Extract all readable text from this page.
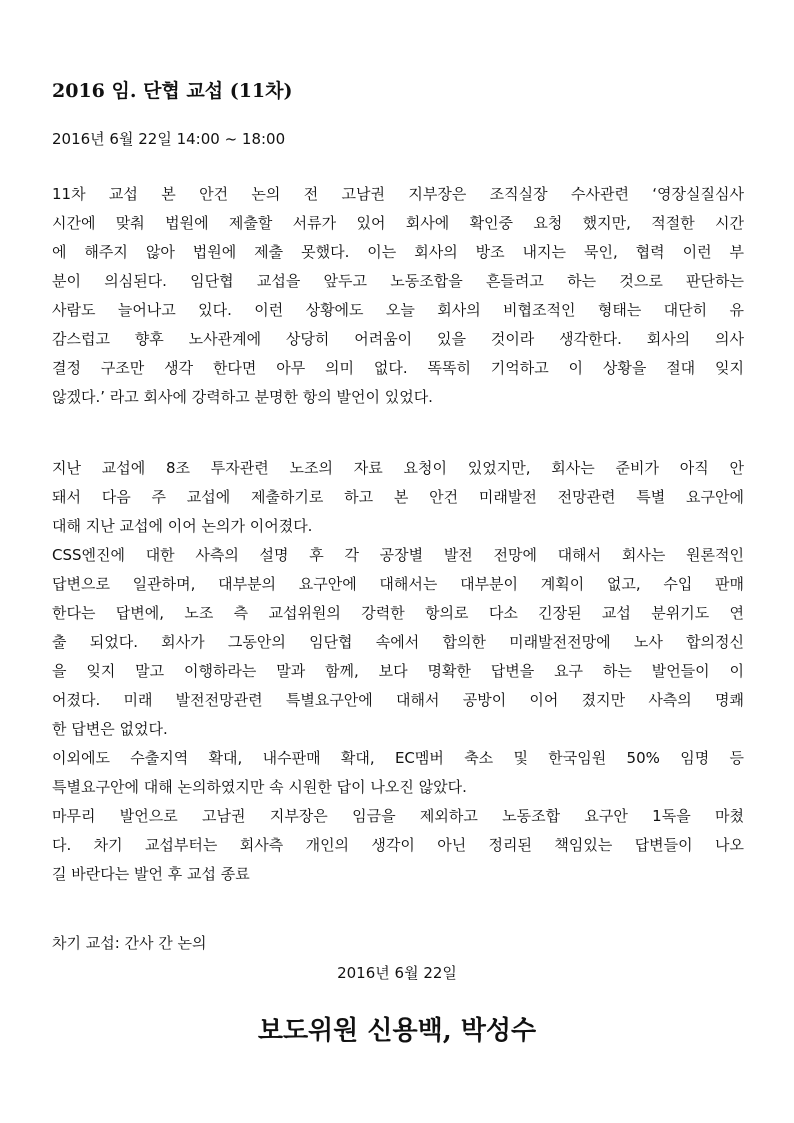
2016 임. 단협 교섭 (11차)

2016년 6월 22일 14:00 ~ 18:00

11차 교섭 본 안건 논의 전 고남권 지부장은 조직실장 수사관련 ‘영장실질심사
시간에 맞춰 법원에 제출할 서류가 있어 회사에 확인중 요청 했지만, 적절한 시간
에 해주지 않아 법원에 제출 못했다. 이는 회사의 방조 내지는 묵인, 협력 이런 부
분이 의심된다. 임단협 교섭을 앞두고 노동조합을 흔들려고 하는 것으로 판단하는
사람도 늘어나고 있다. 이런 상황에도 오늘 회사의 비협조적인 형태는 대단히 유
감스럽고 향후 노사관계에 상당히 어려움이 있을 것이라 생각한다. 회사의 의사
결정 구조만 생각 한다면 아무 의미 없다. 똑똑히 기억하고 이 상황을 절대 잊지
않겠다.’ 라고 회사에 강력하고 분명한 항의 발언이 있었다.
지난 교섭에 8조 투자관련 노조의 자료 요청이 있었지만, 회사는 준비가 아직 안
돼서 다음 주 교섭에 제출하기로 하고 본 안건 미래발전 전망관련 특별 요구안에
대해 지난 교섭에 이어 논의가 이어졌다.
CSS엔진에 대한 사측의 설명 후 각 공장별 발전 전망에 대해서 회사는 원론적인
답변으로 일관하며, 대부분의 요구안에 대해서는 대부분이 계획이 없고, 수입 판매
한다는 답변에, 노조 측 교섭위원의 강력한 항의로 다소 긴장된 교섭 분위기도 연
출 되었다. 회사가 그동안의 임단협 속에서 합의한 미래발전전망에 노사 합의정신
을 잊지 말고 이행하라는 말과 함께, 보다 명확한 답변을 요구 하는 발언들이 이
어졌다. 미래 발전전망관련 특별요구안에 대해서 공방이 이어 졌지만 사측의 명쾌
한 답변은 없었다.
이외에도 수출지역 확대, 내수판매 확대, EC멤버 축소 및 한국임원 50% 임명 등
특별요구안에 대해 논의하였지만 속 시원한 답이 나오진 않았다.
마무리 발언으로 고남권 지부장은 임금을 제외하고 노동조합 요구안 1독을 마쳤
다. 차기 교섭부터는 회사측 개인의 생각이 아닌 정리된 책임있는 답변들이 나오
길 바란다는 발언 후 교섭 종료

차기 교섭: 간사 간 논의

2016년 6월 22일

보도위원 신용백, 박성수
